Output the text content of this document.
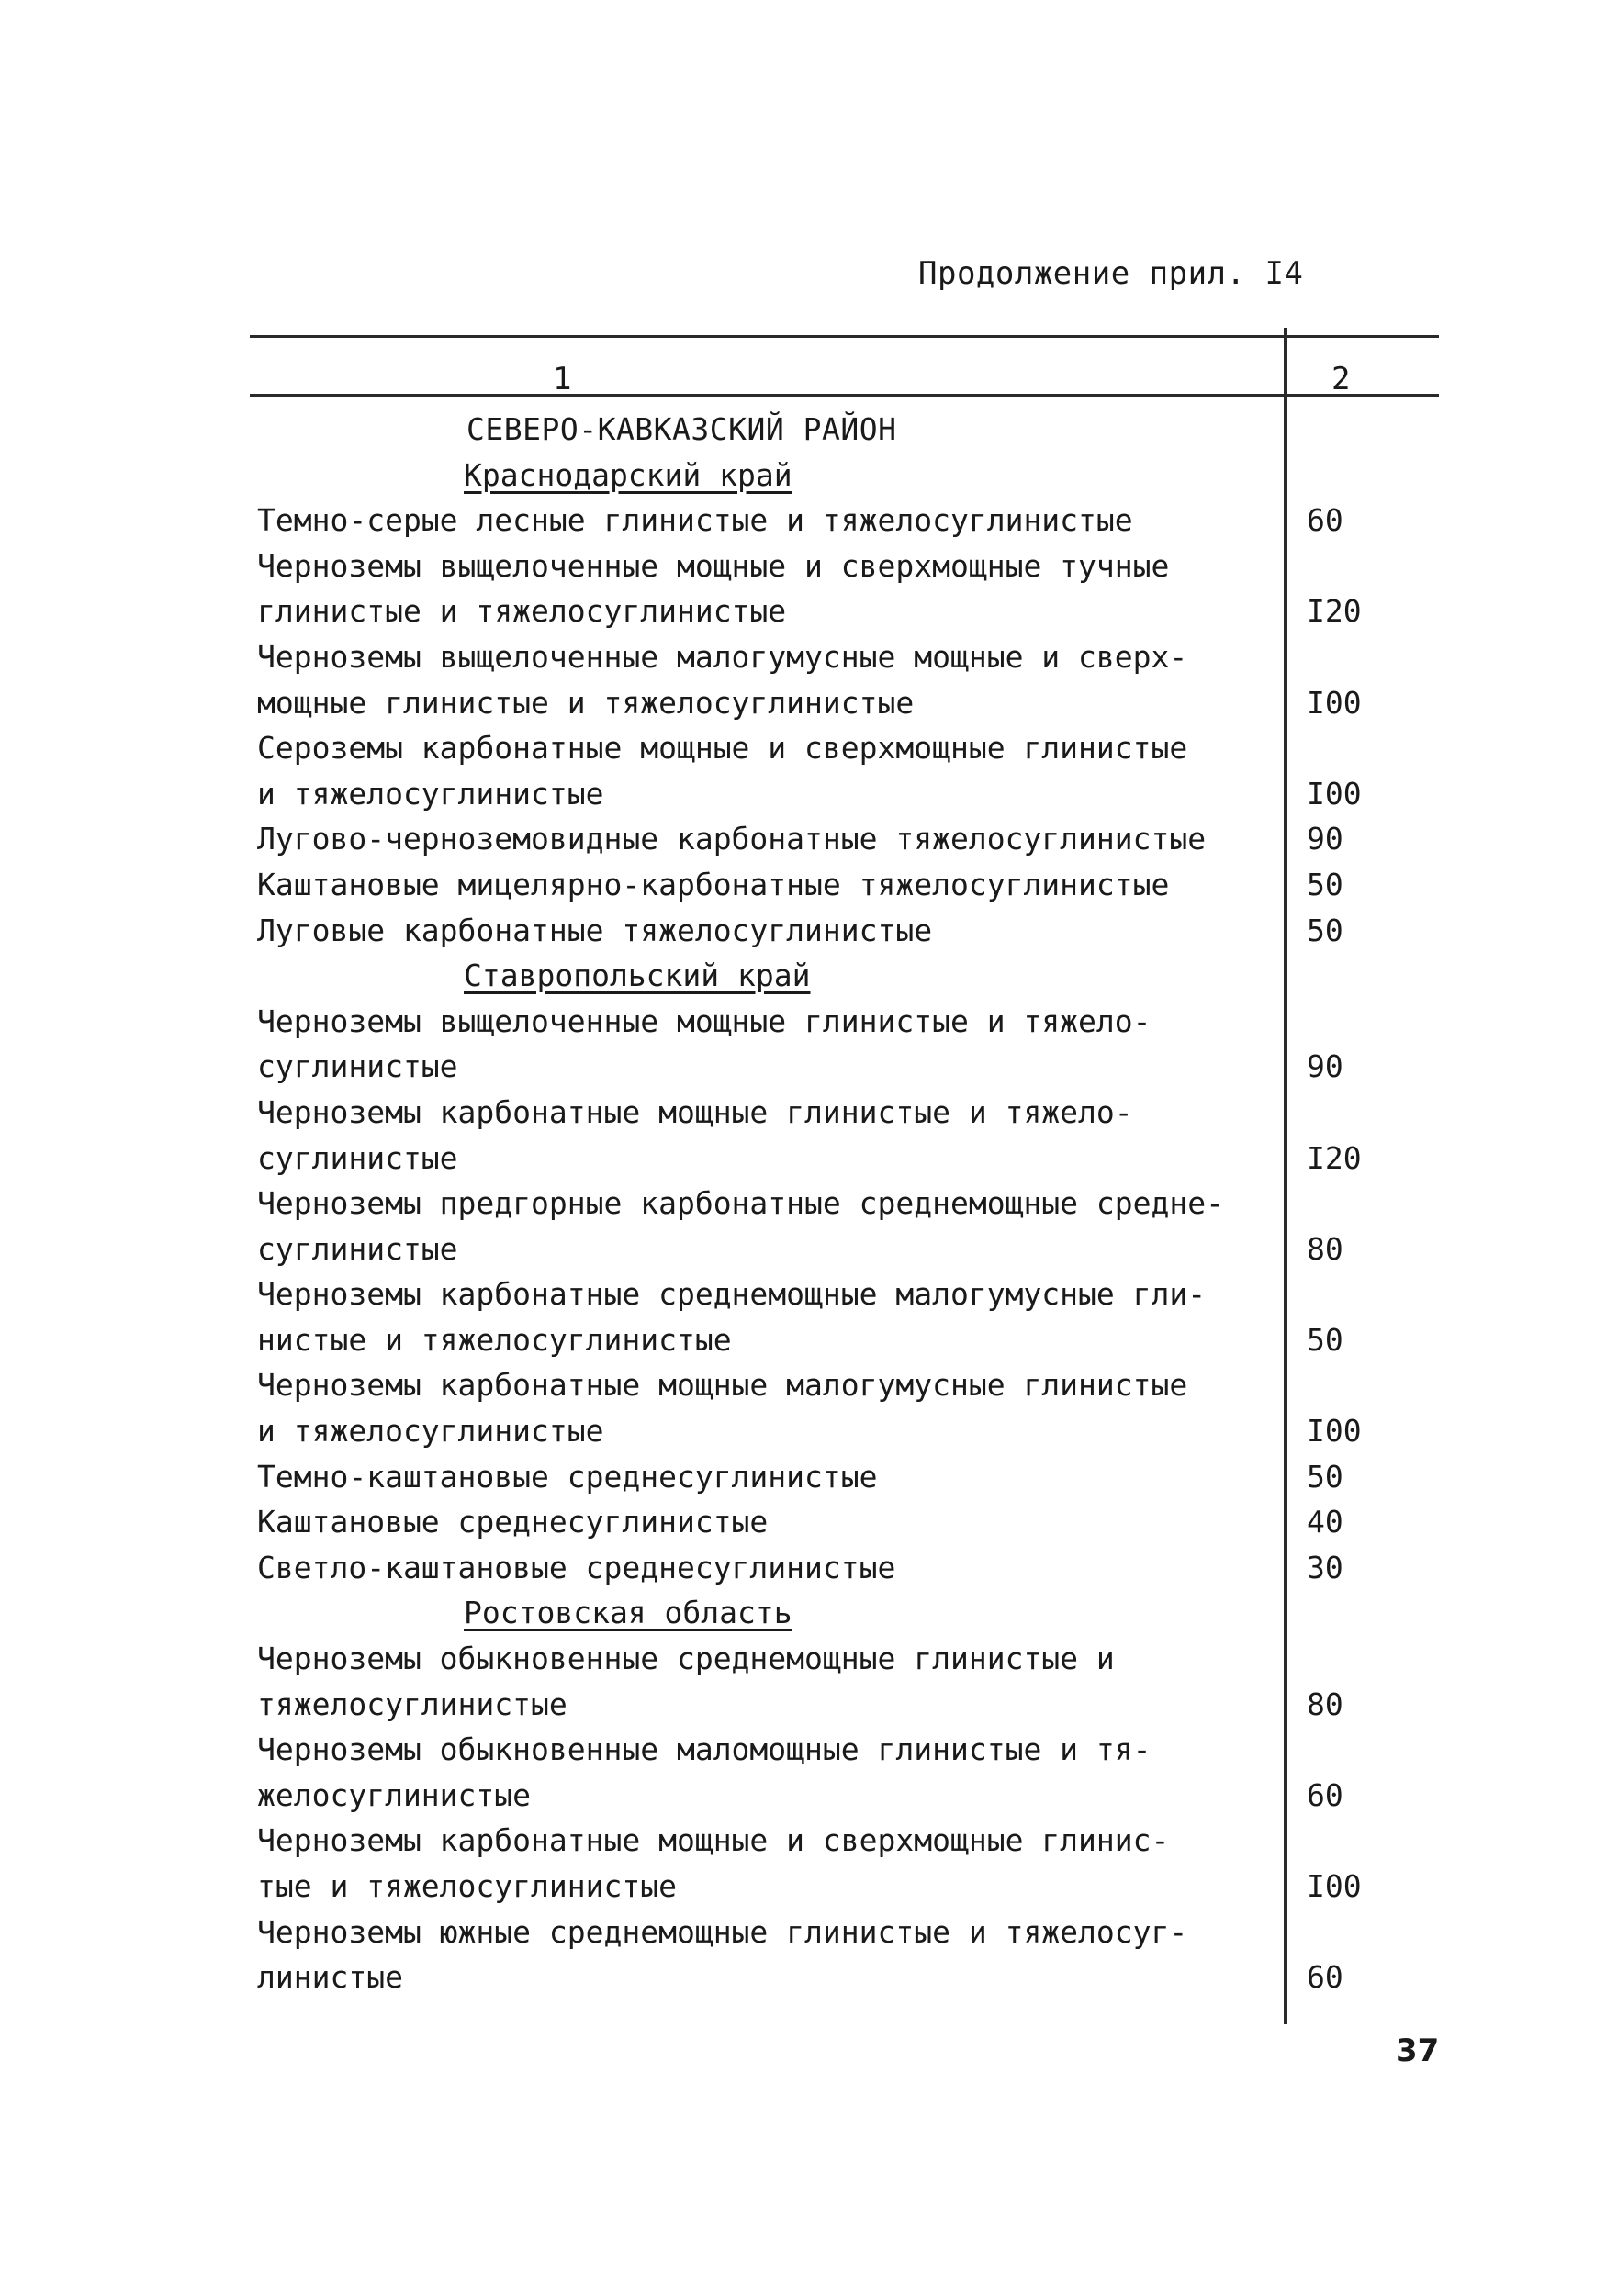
Продолжение прил. I4
1	2
СЕВЕРО-КАВКАЗСКИЙ РАЙОН
Краснодарский край
Темно-серые лесные глинистые и тяжелосуглинистые	60
Черноземы выщелоченные мощные и сверхмощные тучные
глинистые и тяжелосуглинистые	I20
Черноземы выщелоченные малогумусные мощные и сверх-
мощные глинистые и тяжелосуглинистые	I00
Сероземы карбонатные мощные и сверхмощные глинистые
и тяжелосуглинистые	I00
Лугово-черноземовидные карбонатные тяжелосуглинистые	90
Каштановые мицелярно-карбонатные тяжелосуглинистые	50
Луговые карбонатные тяжелосуглинистые	50
Ставропольский край
Черноземы выщелоченные мощные глинистые и тяжело-
суглинистые	90
Черноземы карбонатные мощные глинистые и тяжело-
суглинистые	I20
Черноземы предгорные карбонатные среднемощные средне-
суглинистые	80
Черноземы карбонатные среднемощные малогумусные гли-
нистые и тяжелосуглинистые	50
Черноземы карбонатные мощные малогумусные глинистые
и тяжелосуглинистые	I00
Темно-каштановые среднесуглинистые	50
Каштановые среднесуглинистые	40
Светло-каштановые среднесуглинистые	30
Ростовская область
Черноземы обыкновенные среднемощные глинистые и
тяжелосуглинистые	80
Черноземы обыкновенные маломощные глинистые и тя-
желосуглинистые	60
Черноземы карбонатные мощные и сверхмощные глинис-
тые и тяжелосуглинистые	I00
Черноземы южные среднемощные глинистые и тяжелосуг-
линистые	60
37
